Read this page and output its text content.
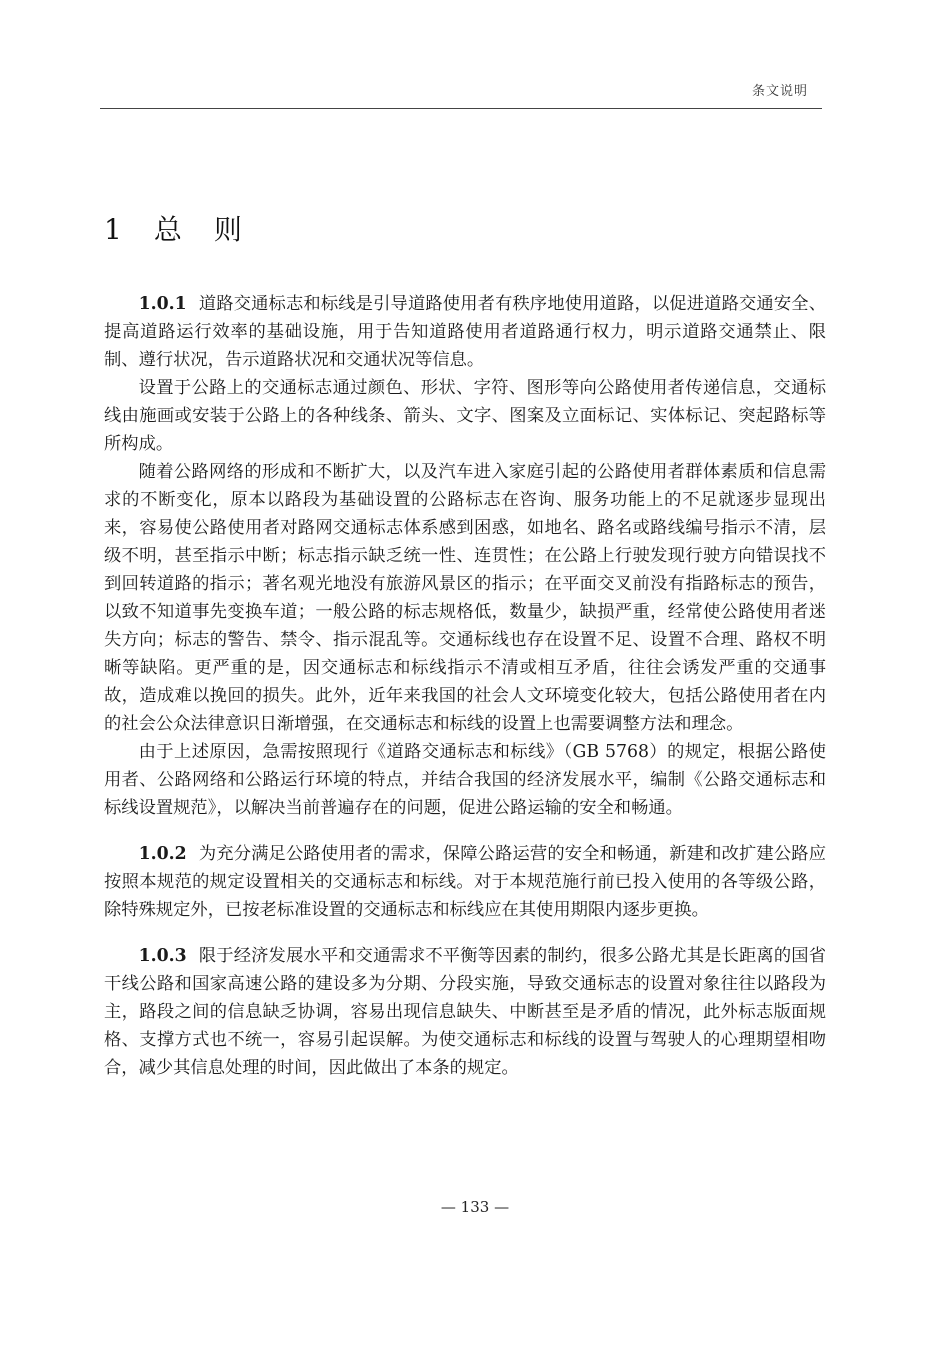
条文说明
1　总　则

1.0.1 道路交通标志和标线是引导道路使用者有秩序地使用道路，以促进道路交通安全、提高道路运行效率的基础设施，用于告知道路使用者道路通行权力，明示道路交通禁止、限制、遵行状况，告示道路状况和交通状况等信息。

设置于公路上的交通标志通过颜色、形状、字符、图形等向公路使用者传递信息，交通标线由施画或安装于公路上的各种线条、箭头、文字、图案及立面标记、实体标记、突起路标等所构成。

随着公路网络的形成和不断扩大，以及汽车进入家庭引起的公路使用者群体素质和信息需求的不断变化，原本以路段为基础设置的公路标志在咨询、服务功能上的不足就逐步显现出来，容易使公路使用者对路网交通标志体系感到困惑，如地名、路名或路线编号指示不清，层级不明，甚至指示中断；标志指示缺乏统一性、连贯性；在公路上行驶发现行驶方向错误找不到回转道路的指示；著名观光地没有旅游风景区的指示；在平面交叉前没有指路标志的预告，以致不知道事先变换车道；一般公路的标志规格低，数量少，缺损严重，经常使公路使用者迷失方向；标志的警告、禁令、指示混乱等。交通标线也存在设置不足、设置不合理、路权不明晰等缺陷。更严重的是，因交通标志和标线指示不清或相互矛盾，往往会诱发严重的交通事故，造成难以挽回的损失。此外，近年来我国的社会人文环境变化较大，包括公路使用者在内的社会公众法律意识日渐增强，在交通标志和标线的设置上也需要调整方法和理念。

由于上述原因，急需按照现行《道路交通标志和标线》（GB 5768）的规定，根据公路使用者、公路网络和公路运行环境的特点，并结合我国的经济发展水平，编制《公路交通标志和标线设置规范》，以解决当前普遍存在的问题，促进公路运输的安全和畅通。

1.0.2 为充分满足公路使用者的需求，保障公路运营的安全和畅通，新建和改扩建公路应按照本规范的规定设置相关的交通标志和标线。对于本规范施行前已投入使用的各等级公路，除特殊规定外，已按老标准设置的交通标志和标线应在其使用期限内逐步更换。

1.0.3 限于经济发展水平和交通需求不平衡等因素的制约，很多公路尤其是长距离的国省干线公路和国家高速公路的建设多为分期、分段实施，导致交通标志的设置对象往往以路段为主，路段之间的信息缺乏协调，容易出现信息缺失、中断甚至是矛盾的情况，此外标志版面规格、支撑方式也不统一，容易引起误解。为使交通标志和标线的设置与驾驶人的心理期望相吻合，减少其信息处理的时间，因此做出了本条的规定。

— 133 —
